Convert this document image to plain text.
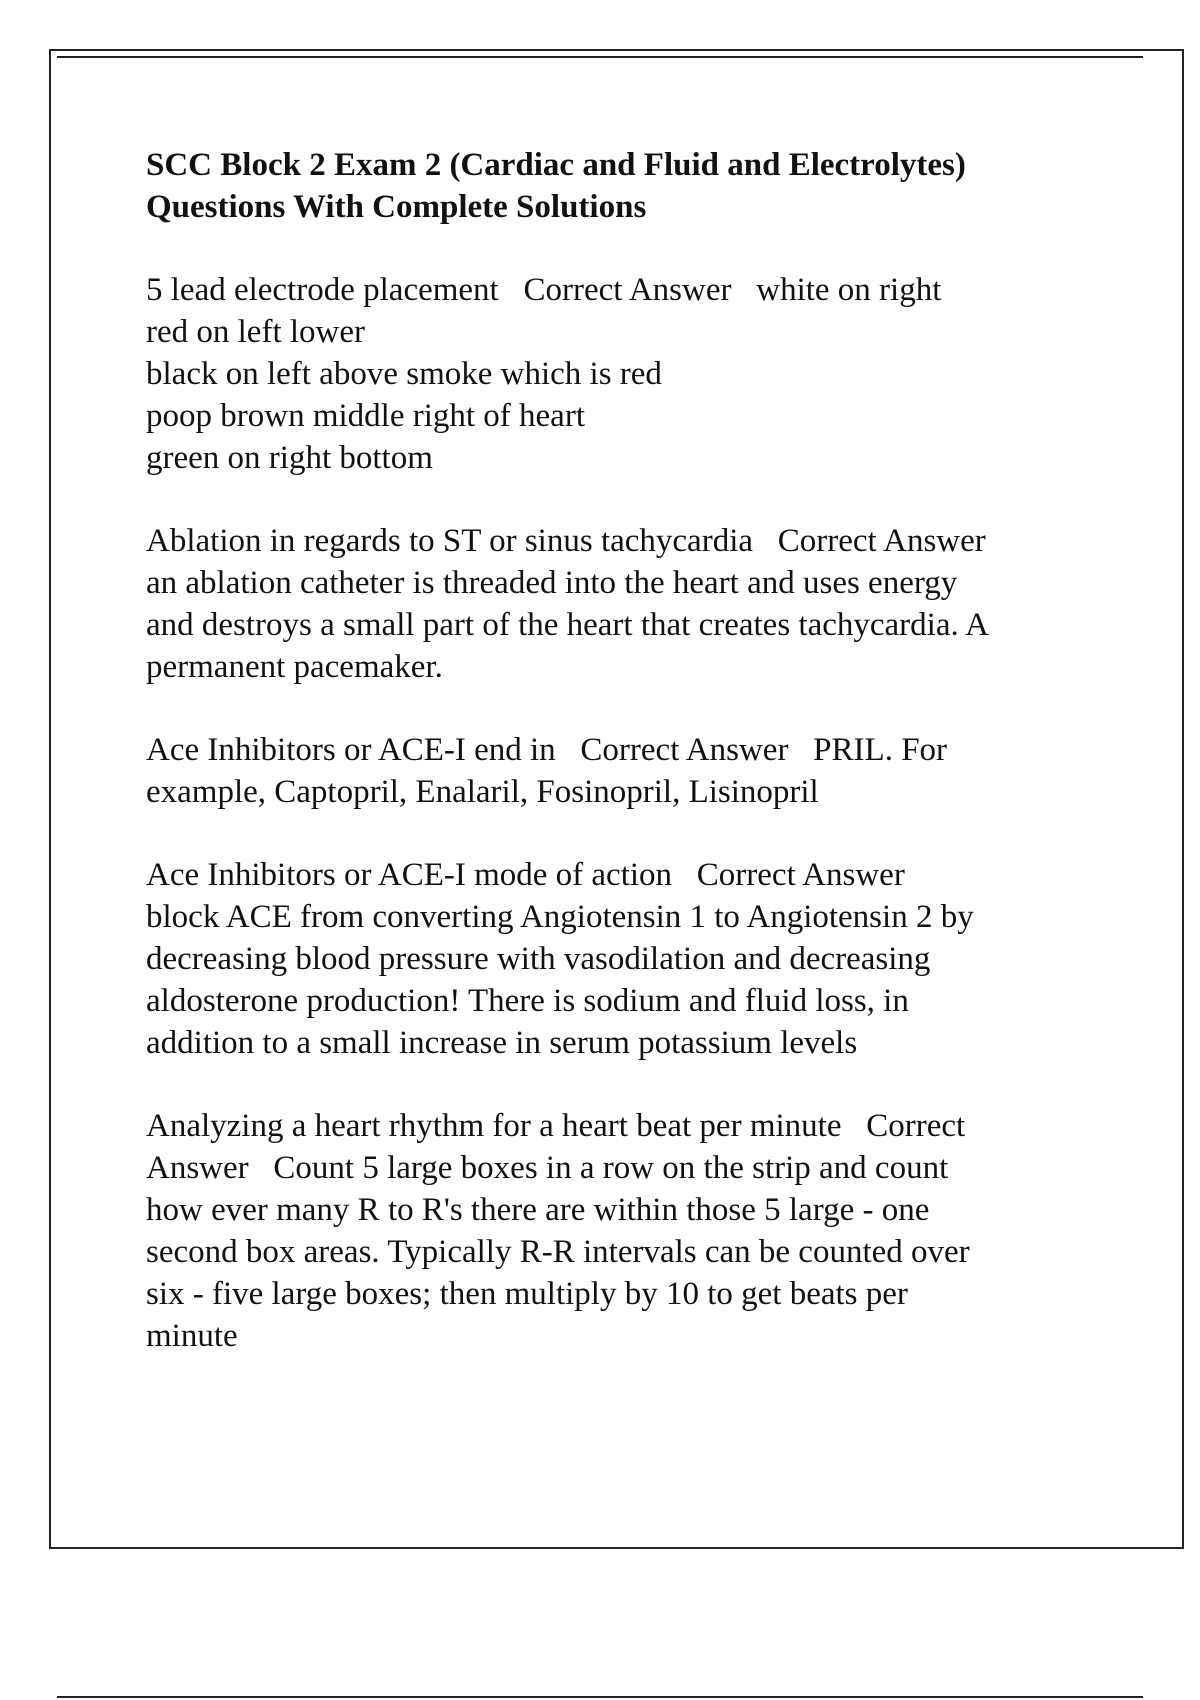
SCC Block 2 Exam 2 (Cardiac and Fluid and Electrolytes)
Questions With Complete Solutions
5 lead electrode placement   Correct Answer   white on right
red on left lower
black on left above smoke which is red
poop brown middle right of heart
green on right bottom
Ablation in regards to ST or sinus tachycardia   Correct Answer
an ablation catheter is threaded into the heart and uses energy
and destroys a small part of the heart that creates tachycardia. A
permanent pacemaker.
Ace Inhibitors or ACE-I end in   Correct Answer   PRIL. For
example, Captopril, Enalaril, Fosinopril, Lisinopril
Ace Inhibitors or ACE-I mode of action   Correct Answer
block ACE from converting Angiotensin 1 to Angiotensin 2 by
decreasing blood pressure with vasodilation and decreasing
aldosterone production! There is sodium and fluid loss, in
addition to a small increase in serum potassium levels
Analyzing a heart rhythm for a heart beat per minute   Correct
Answer   Count 5 large boxes in a row on the strip and count
how ever many R to R's there are within those 5 large - one
second box areas. Typically R-R intervals can be counted over
six - five large boxes; then multiply by 10 to get beats per
minute
